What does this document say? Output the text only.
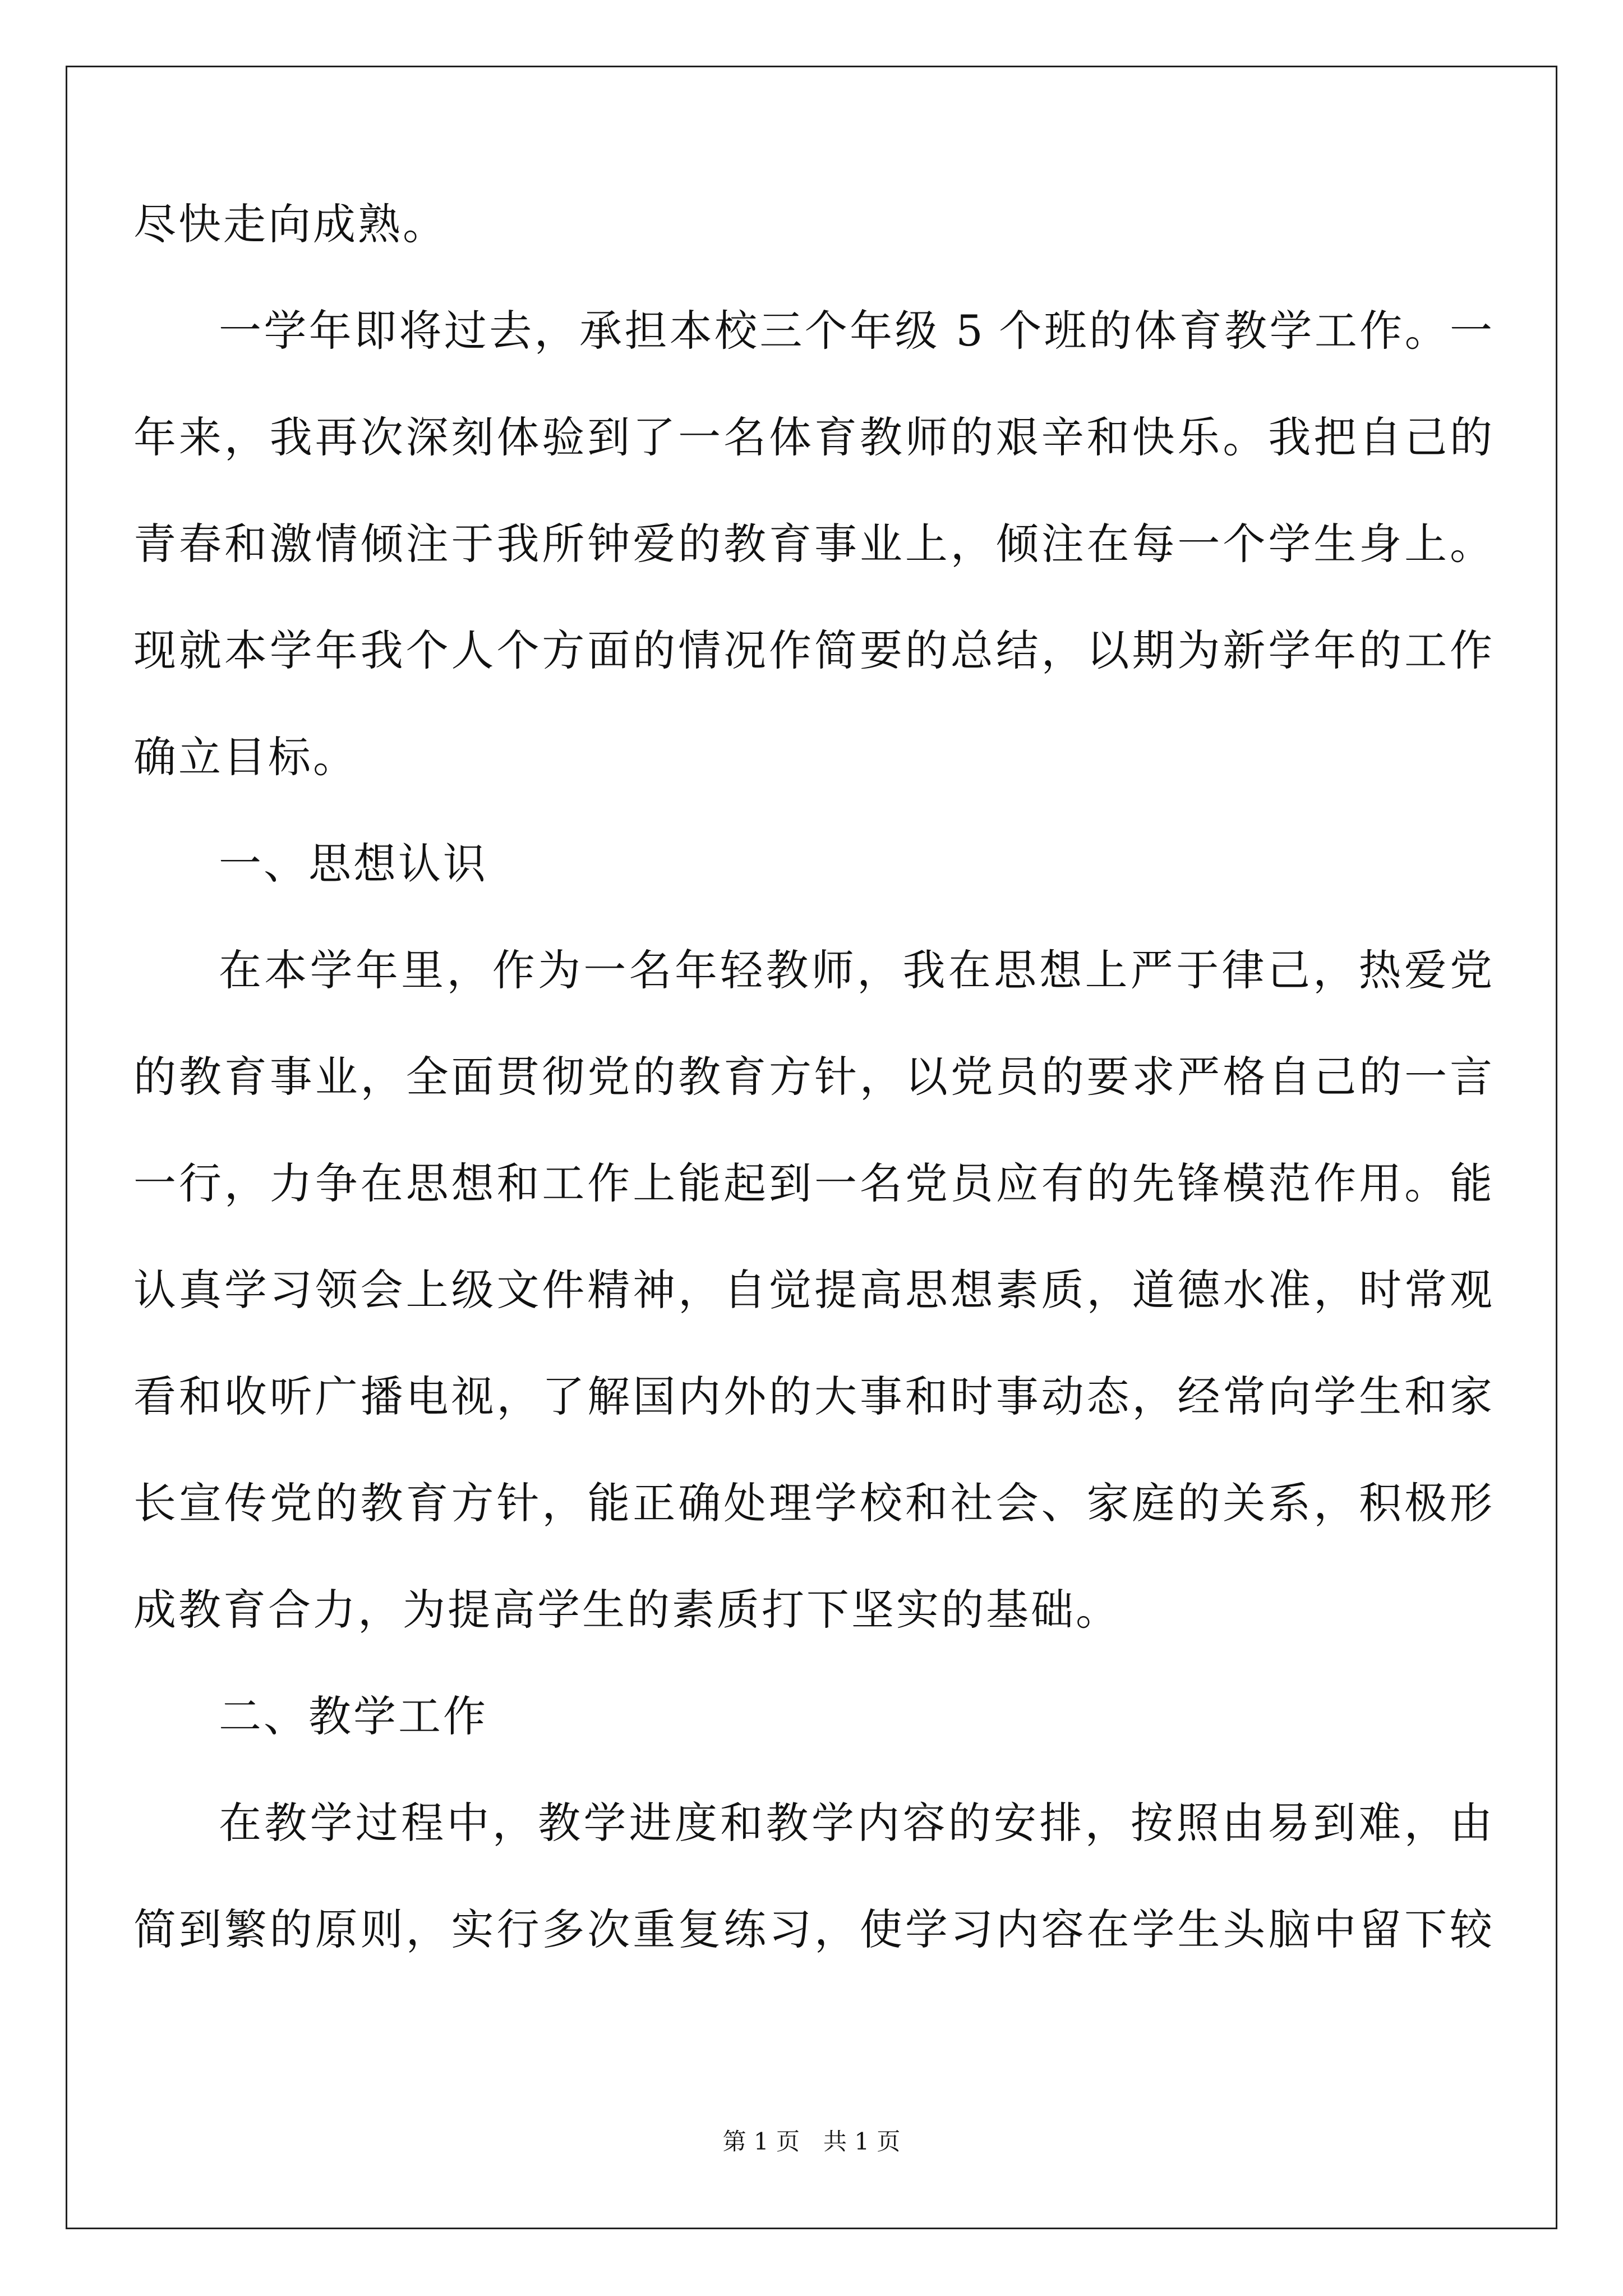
尽快走向成熟。
一学年即将过去，承担本校三个年级 5 个班的体育教学工作。一
年来，我再次深刻体验到了一名体育教师的艰辛和快乐。我把自己的
青春和激情倾注于我所钟爱的教育事业上，倾注在每一个学生身上。
现就本学年我个人个方面的情况作简要的总结，以期为新学年的工作
确立目标。
一、思想认识
在本学年里，作为一名年轻教师，我在思想上严于律己，热爱党
的教育事业，全面贯彻党的教育方针，以党员的要求严格自己的一言
一行，力争在思想和工作上能起到一名党员应有的先锋模范作用。能
认真学习领会上级文件精神，自觉提高思想素质，道德水准，时常观
看和收听广播电视，了解国内外的大事和时事动态，经常向学生和家
长宣传党的教育方针，能正确处理学校和社会、家庭的关系，积极形
成教育合力，为提高学生的素质打下坚实的基础。
二、教学工作
在教学过程中，教学进度和教学内容的安排，按照由易到难，由
简到繁的原则，实行多次重复练习，使学习内容在学生头脑中留下较
第 1 页　共 1 页
